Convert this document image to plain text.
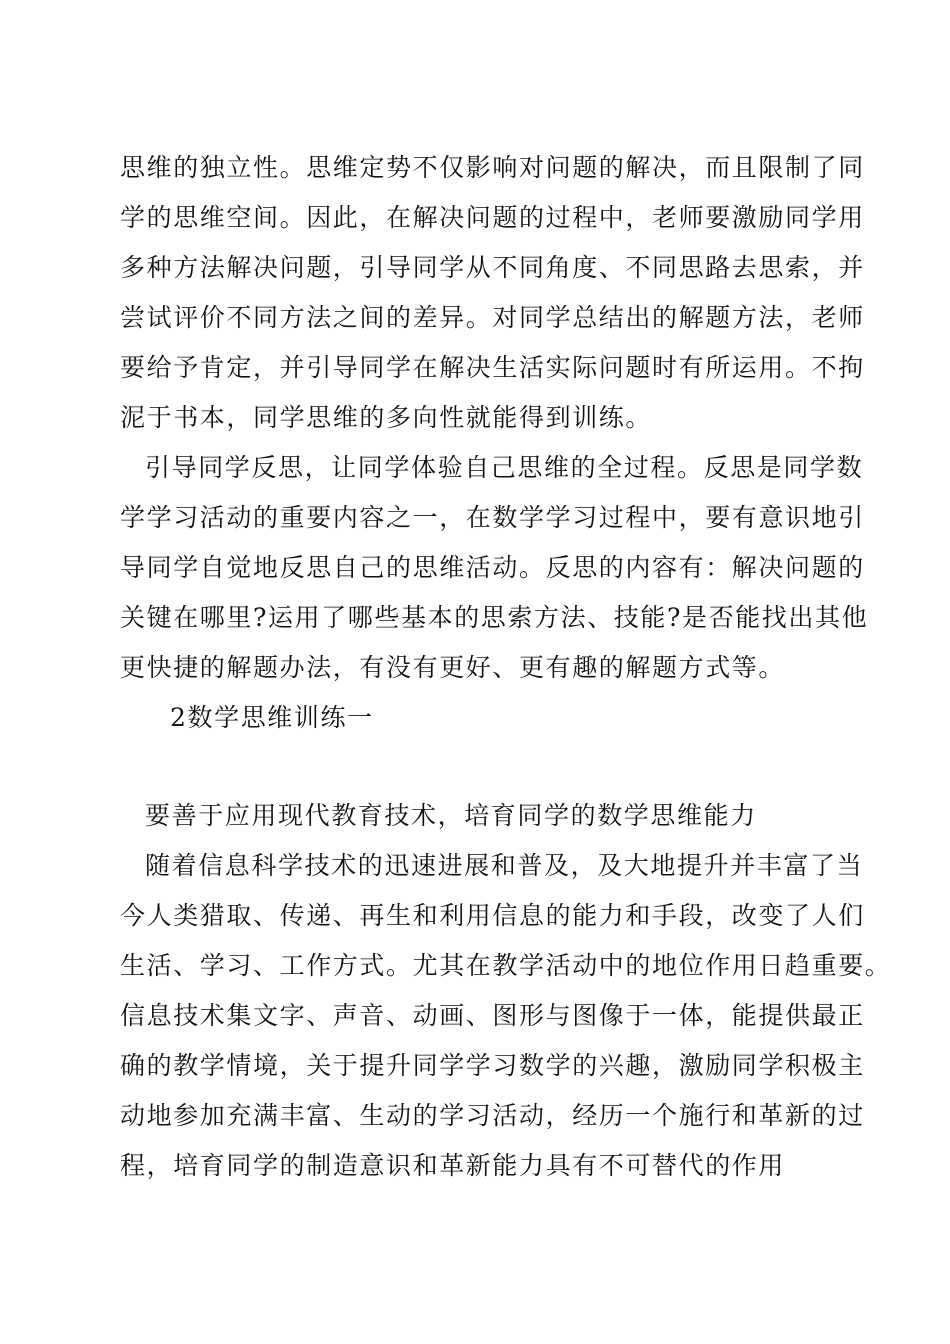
思维的独立性。思维定势不仅影响对问题的解决，而且限制了同
学的思维空间。因此，在解决问题的过程中，老师要激励同学用
多种方法解决问题，引导同学从不同角度、不同思路去思索，并
尝试评价不同方法之间的差异。对同学总结出的解题方法，老师
要给予肯定，并引导同学在解决生活实际问题时有所运用。不拘
泥于书本，同学思维的多向性就能得到训练。
引导同学反思，让同学体验自己思维的全过程。反思是同学数
学学习活动的重要内容之一，在数学学习过程中，要有意识地引
导同学自觉地反思自己的思维活动。反思的内容有：解决问题的
关键在哪里?运用了哪些基本的思索方法、技能?是否能找出其他
更快捷的解题办法，有没有更好、更有趣的解题方式等。
2数学思维训练一
要善于应用现代教育技术，培育同学的数学思维能力
随着信息科学技术的迅速进展和普及，及大地提升并丰富了当
今人类猎取、传递、再生和利用信息的能力和手段，改变了人们
生活、学习、工作方式。尤其在教学活动中的地位作用日趋重要。
信息技术集文字、声音、动画、图形与图像于一体，能提供最正
确的教学情境，关于提升同学学习数学的兴趣，激励同学积极主
动地参加充满丰富、生动的学习活动，经历一个施行和革新的过
程，培育同学的制造意识和革新能力具有不可替代的作用
